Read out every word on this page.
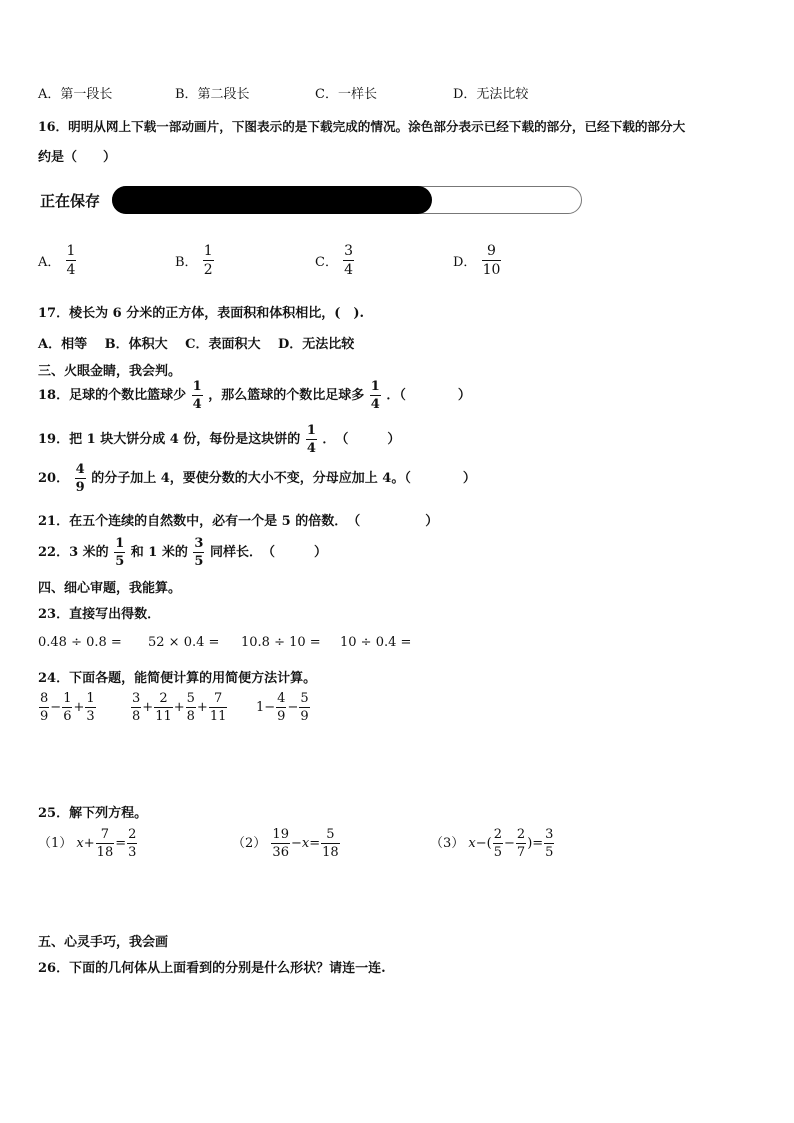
A．第一段长	B．第二段长	C．一样长	D．无法比较
16．明明从网上下载一部动画片，下图表示的是下载完成的情况。涂色部分表示已经下载的部分，已经下载的部分大
约是（　　）
正在保存
A． $\frac{1}{4}$	B． $\frac{1}{2}$	C． $\frac{3}{4}$	D． $\frac{9}{10}$
17．棱长为 6 分米的正方体，表面积和体积相比，(　).
A．相等　 B．体积大　 C．表面积大　 D．无法比较
三、火眼金睛，我会判。
18．足球的个数比篮球少 $\frac{1}{4}$ ，那么篮球的个数比足球多 $\frac{1}{4}$ ．（　　　　）
19．把 1 块大饼分成 4 份，每份是这块饼的 $\frac{1}{4}$ ．　（　　　）
20． $\frac{4}{9}$ 的分子加上 4，要使分数的大小不变，分母应加上 4。（　　　　）
21．在五个连续的自然数中，必有一个是 5 的倍数．　（　　　　　）
22．3 米的 $\frac{1}{5}$ 和 1 米的 $\frac{3}{5}$ 同样长．　（　　　）
四、细心审题，我能算。
23．直接写出得数．
0.48 ÷ 0.8 = 52 × 0.4 = 10.8 ÷ 10 = 10 ÷ 0.4 =
24．下面各题，能简便计算的用简便方法计算。
$\frac{8}{9} - \frac{1}{6} + \frac{1}{3}$	$\frac{3}{8} + \frac{2}{11} + \frac{5}{8} + \frac{7}{11} 1- \frac{4}{9} - \frac{5}{9}$
25．解下列方程。
（1） $x+ \frac{7}{18} = \frac{2}{3}$	$(2) \frac{19}{36} -x= \frac{5}{18}$	（3） $x-( \frac{2}{5} - \frac{2}{7}$ )= $\frac{3}{5}$
五、心灵手巧，我会画
26．下面的几何体从上面看到的分别是什么形状？请连一连.
